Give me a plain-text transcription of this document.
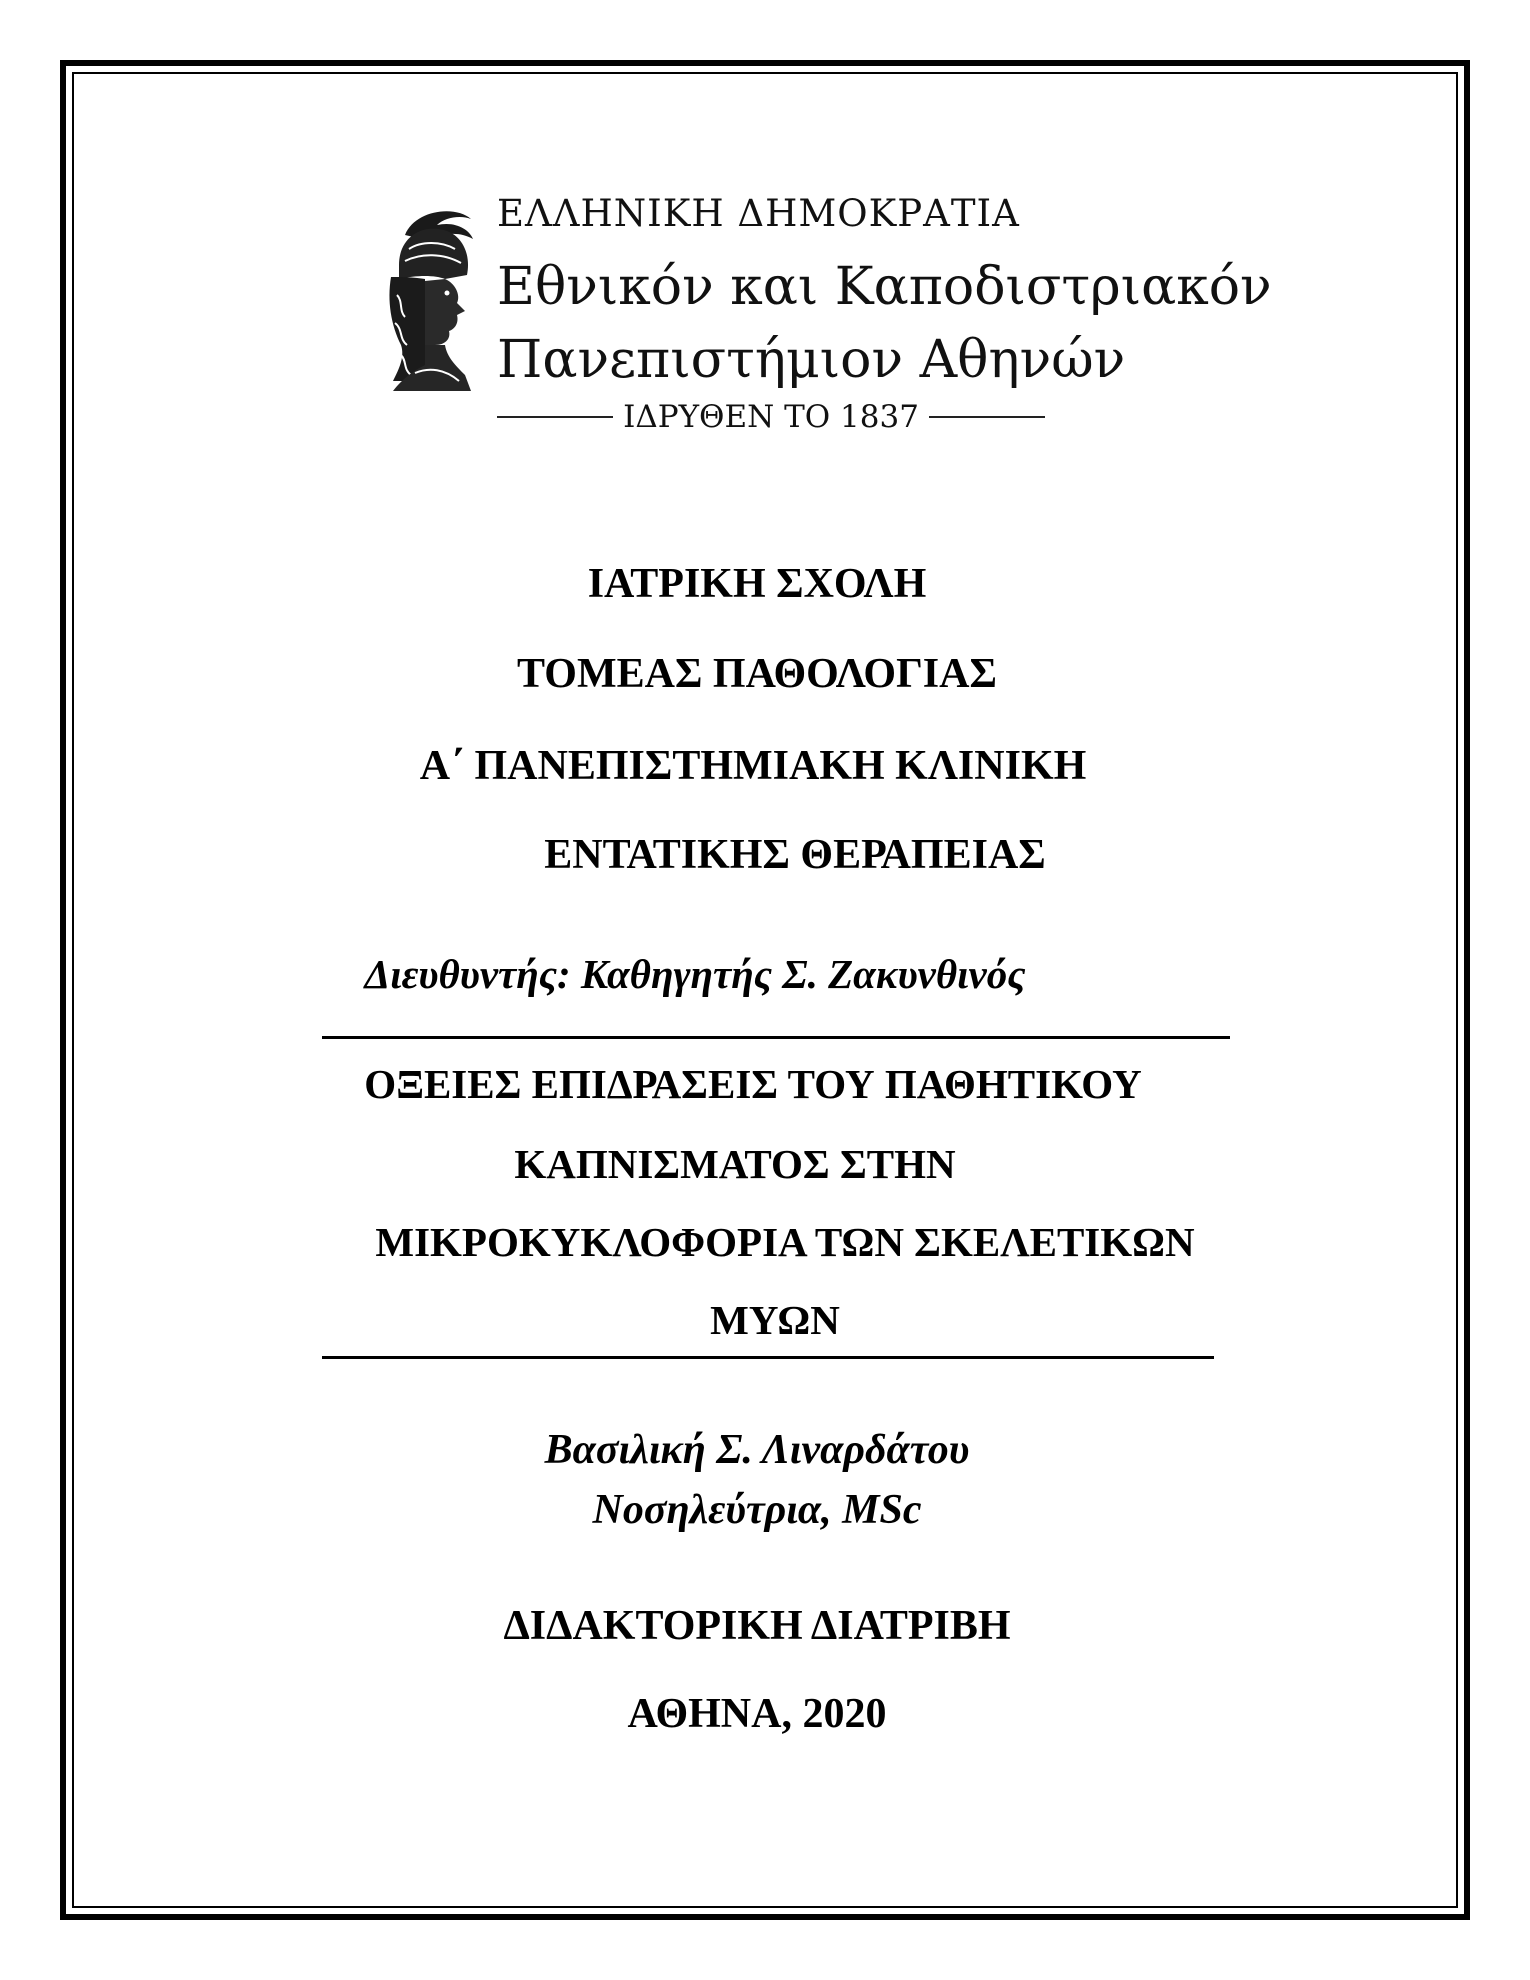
ΕΛΛΗΝΙΚΗ ΔΗΜΟΚΡΑΤΙΑ
Εθνικόν και Καποδιστριακόν
Πανεπιστήμιον Αθηνών
ΙΔΡΥΘΕΝ ΤΟ 1837
ΙΑΤΡΙΚΗ ΣΧΟΛΗ
ΤΟΜΕΑΣ ΠΑΘΟΛΟΓΙΑΣ
Α΄ ΠΑΝΕΠΙΣΤΗΜΙΑΚΗ ΚΛΙΝΙΚΗ
ΕΝΤΑΤΙΚΗΣ ΘΕΡΑΠΕΙΑΣ
Διευθυντής: Καθηγητής Σ. Ζακυνθινός
ΟΞΕΙΕΣ ΕΠΙΔΡΑΣΕΙΣ ΤΟΥ ΠΑΘΗΤΙΚΟΥ
ΚΑΠΝΙΣΜΑΤΟΣ ΣΤΗΝ
ΜΙΚΡΟΚΥΚΛΟΦΟΡΙΑ ΤΩΝ ΣΚΕΛΕΤΙΚΩΝ
ΜΥΩΝ
Βασιλική Σ. Λιναρδάτου
Νοσηλεύτρια, MSc
ΔΙΔΑΚΤΟΡΙΚΗ ΔΙΑΤΡΙΒΗ
ΑΘΗΝΑ, 2020
